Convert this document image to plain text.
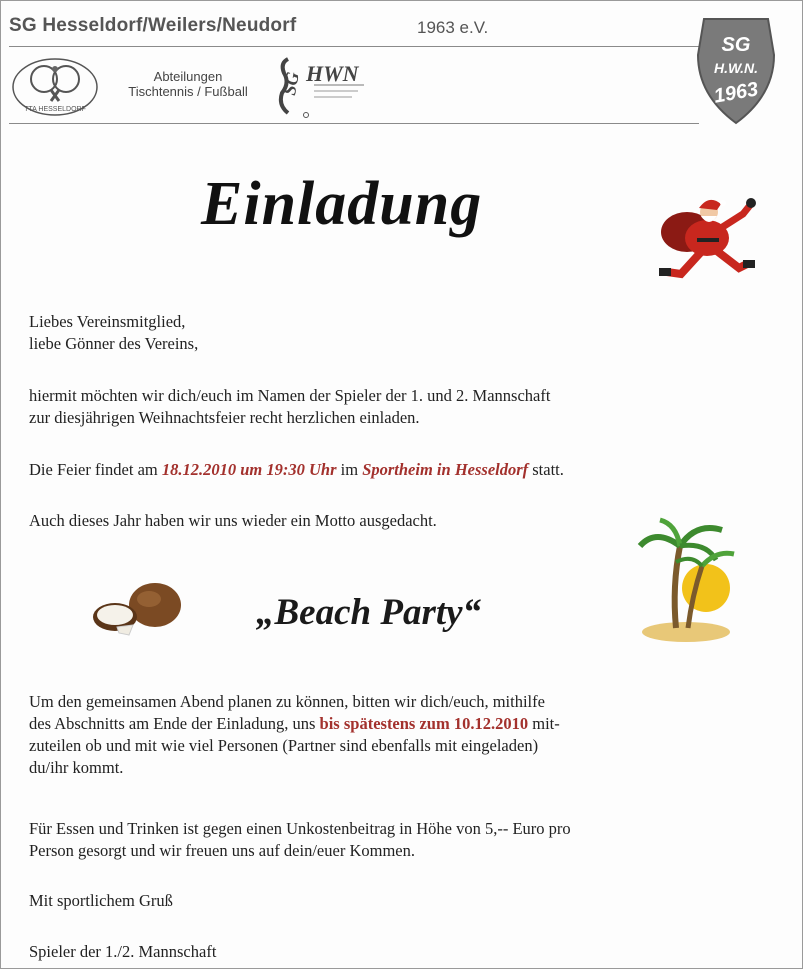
SG Hesseldorf/Weilers/Neudorf	1963 e.V.
TTA HESSELDORF
Abteilungen
Tischtennis / Fußball	SG HWN
SG
H.W.N.
1963
Einladung
Liebes Vereinsmitglied,
liebe Gönner des Vereins,
hiermit möchten wir dich/euch im Namen der Spieler der 1. und 2. Mannschaft
zur diesjährigen Weihnachtsfeier recht herzlichen einladen.
Die Feier findet am 18.12.2010 um 19:30 Uhr im Sportheim in Hesseldorf statt.
Auch dieses Jahr haben wir uns wieder ein Motto ausgedacht.
„Beach Party“
Um den gemeinsamen Abend planen zu können, bitten wir dich/euch, mithilfe
des Abschnitts am Ende der Einladung, uns bis spätestens zum 10.12.2010 mit-
zuteilen ob und mit wie viel Personen (Partner sind ebenfalls mit eingeladen)
du/ihr kommt.
Für Essen und Trinken ist gegen einen Unkostenbeitrag in Höhe von 5,-- Euro pro
Person gesorgt und wir freuen uns auf dein/euer Kommen.
Mit sportlichem Gruß
Spieler der 1./2. Mannschaft
